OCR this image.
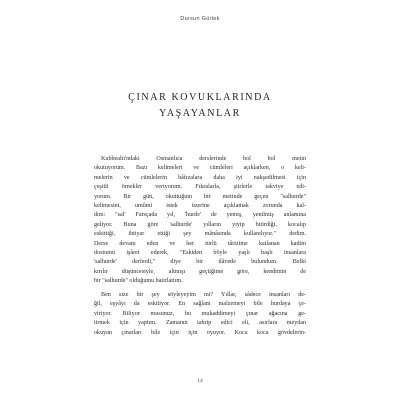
Dursun Gürlek
ÇINAR KOVUKLARINDA
YAŞAYANLAR
Kubbealtı'ndaki Osmanlıca derslerinde bol bol metin
okutuyorum. Bazı kelimeleri ve cümleleri açıklarken, o keli-
melerin ve cümlelerin hâfızalara daha iyi nakşedilmesi için
çeşitli örnekler veriyorum. Fıkralarla, şiirlerle takviye edi-
yorum. Bir gün, okuttuğum bir metinde geçen "salhurde"
kelimesini, umûmi istek üzerine açıklamak zorunda kal-
dım: "sal' Farsçada yıl, 'hurde' de yemiş, yenilmiş anlamına
geliyor. Buna göre 'salhurde' yılların yiyip bitirdiği, kocalıp
eskittiği, ihtiyar ettiği şey mânâsında kullanılıyor." dedim.
Derse devam eden ve her türlü târizime katlanan kadim
dostumu işâret ederek, "Eskiden böyle yaşlı başlı insanlara
'salhurde' derlerdi," diye bir ilâvede bulundum. Belki
kırılır düşüncesiyle, altmışı geçtiğime göre, kendimin de
bir "salhurde" olduğumu hatırlattım.
Ben size bir şey söyleyeyim mi? Yıllar, sâdece insanları de-
ğil, eşyâyı da eskitiyor. En sağlam malzemeyi bile hurdaya çe-
viriyor. Biliyor musunuz, bu mukaddimeyi çınar ağacına ge-
tirmek için yaptım. Zamanın tahrip edici eli, asırlara meydan
okuyan çınarları bile için için oyuyor. Koca koca gövdelerin-
14
